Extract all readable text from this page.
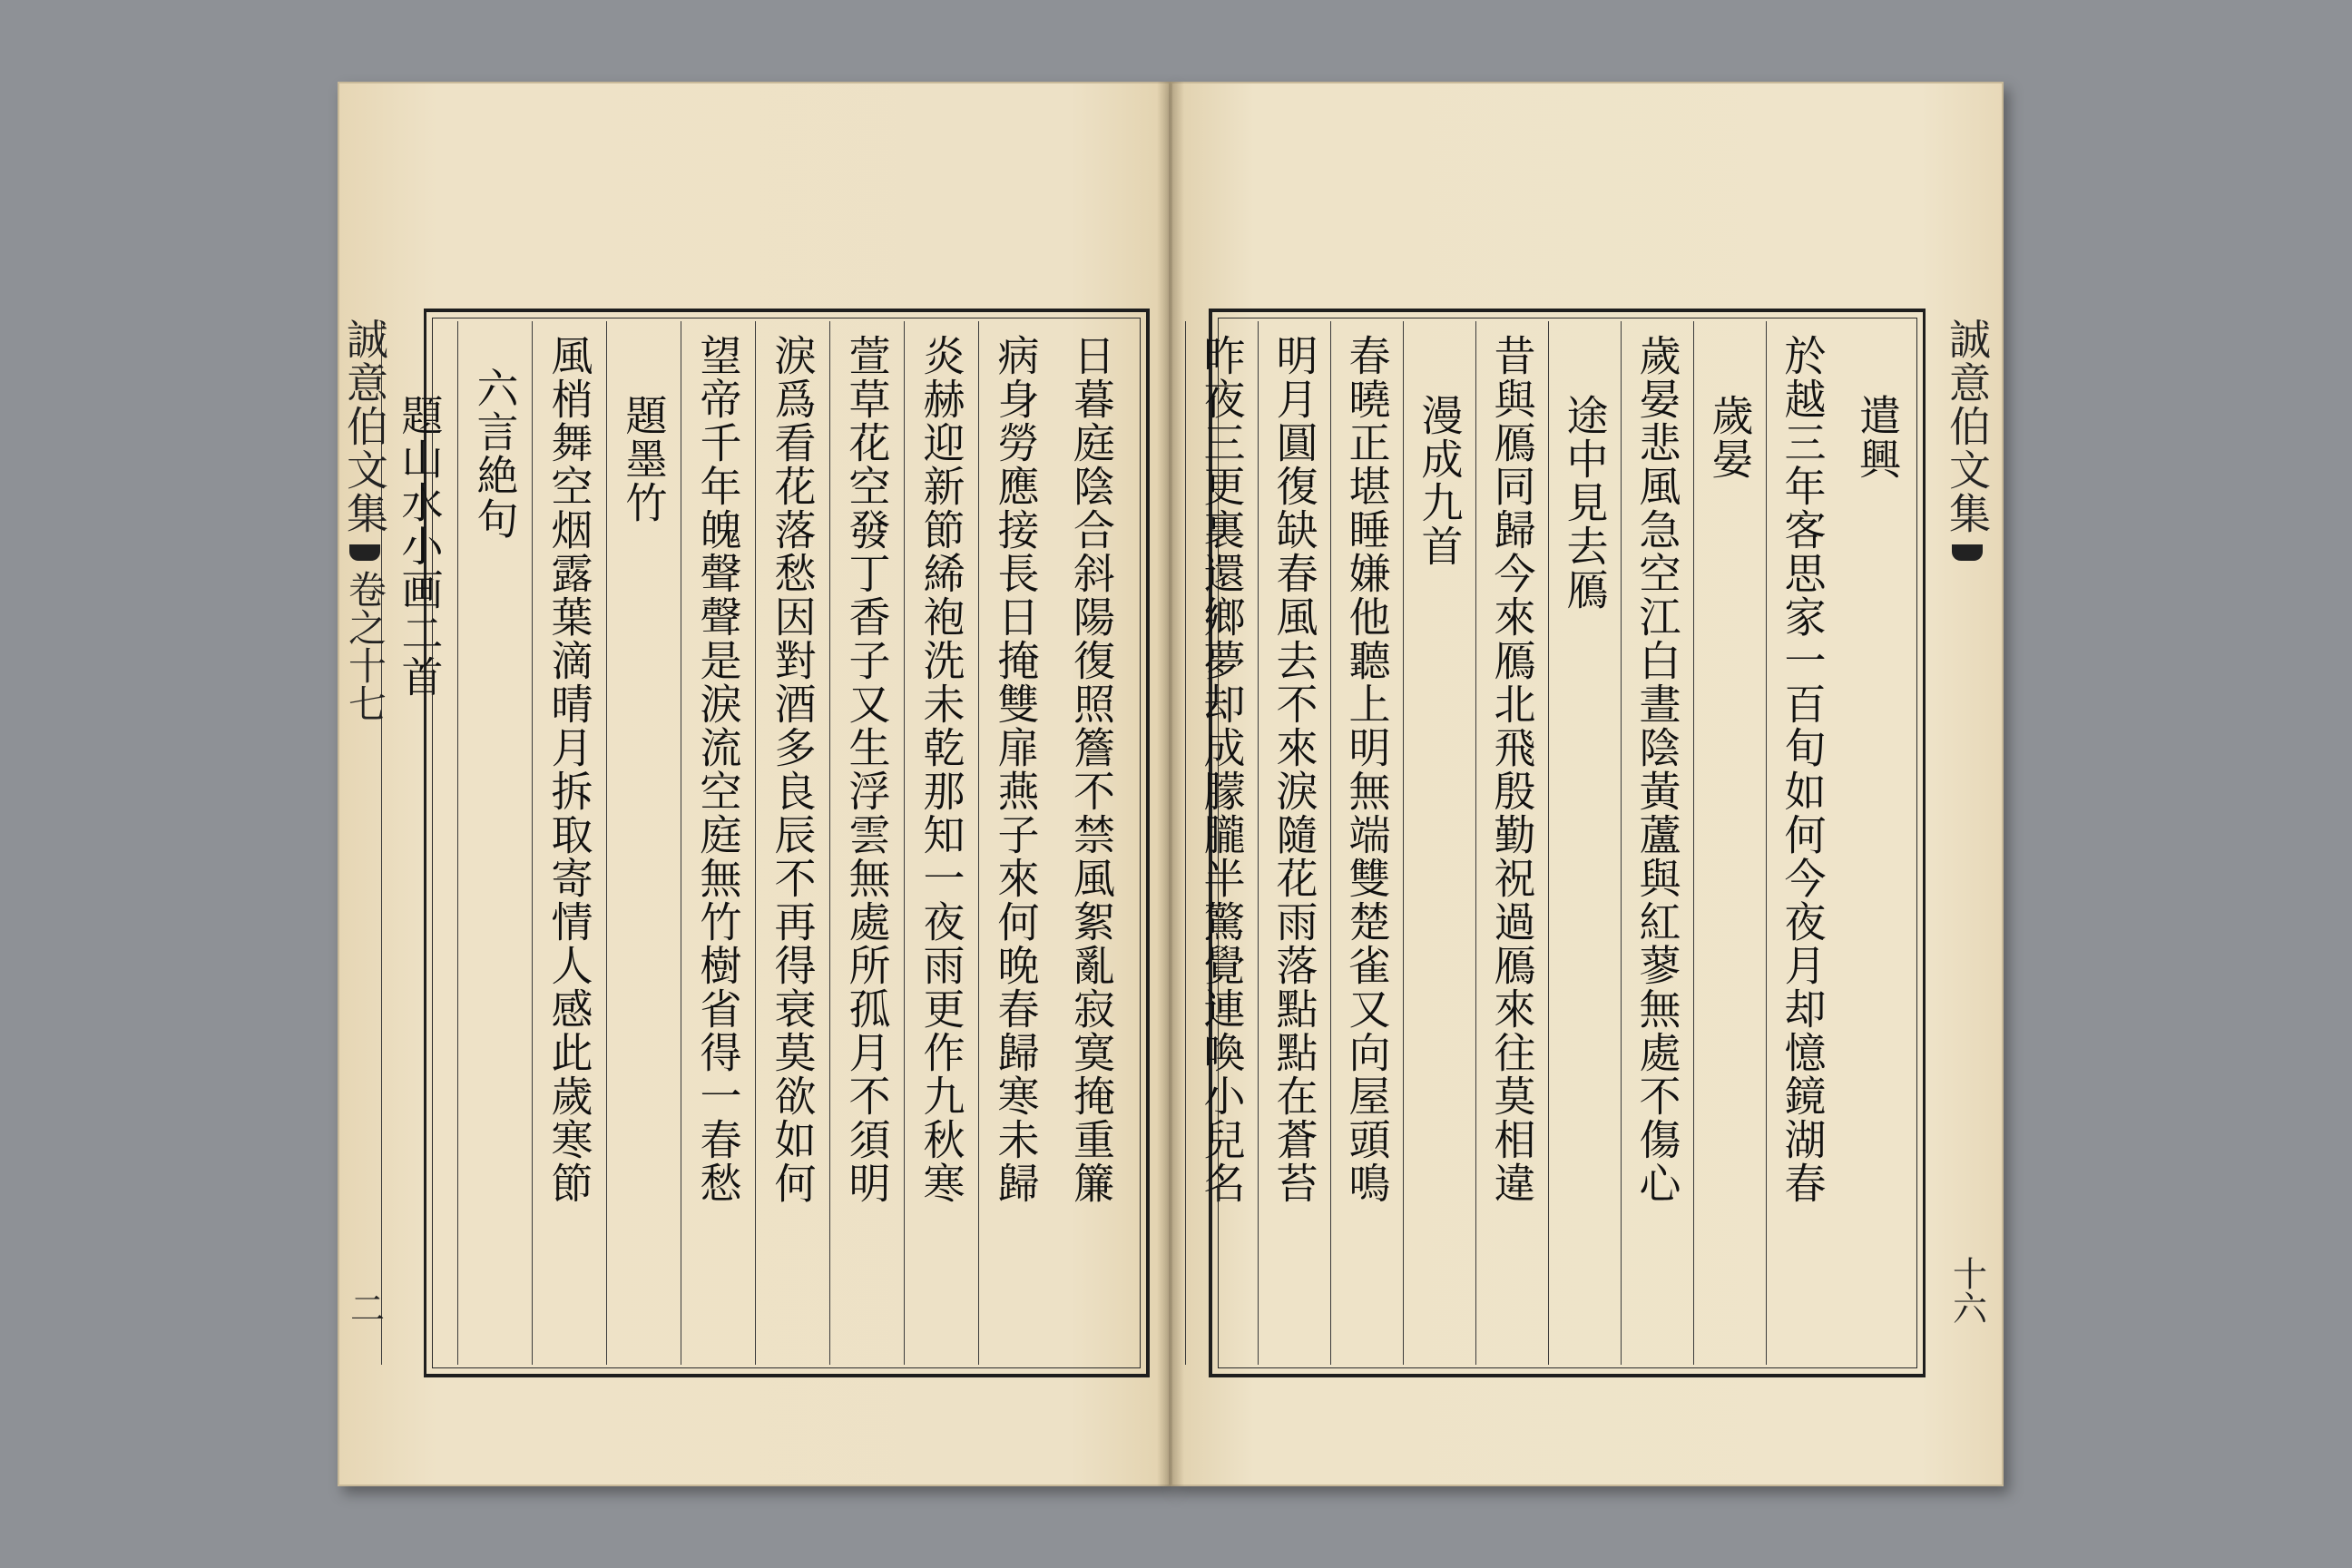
日暮庭陰合斜陽復照簷不禁風絮亂寂寞掩重簾
病身勞應接長日掩雙扉燕子來何晚春歸寒未歸
炎赫迎新節絺袍洗未乾那知一夜雨更作九秋寒
萱草花空發丁香子又生浮雲無處所孤月不須明
淚爲看花落愁因對酒多良辰不再得衰莫欲如何
望帝千年魄聲聲是淚流空庭無竹樹省得一春愁
題墨竹
風梢舞空烟露葉滴晴月拆取寄情人感此歲寒節
六言絶句
題山水小画二首
誠意伯文集
卷之十七
二
遣興
於越三年客思家一百旬如何今夜月却憶鏡湖春
歲晏
歲晏悲風急空江白晝陰黃蘆與紅蓼無處不傷心
途中見去鴈
昔與鴈同歸今來鴈北飛殷勤祝過鴈來往莫相違
漫成九首
春曉正堪睡嫌他聽上明無端雙楚雀又向屋頭鳴
明月圓復缺春風去不來淚隨花雨落點點在蒼苔
昨夜三更裏還鄉夢却成朦朧半驚覺連喚小兒名	誠意伯文集
十六
